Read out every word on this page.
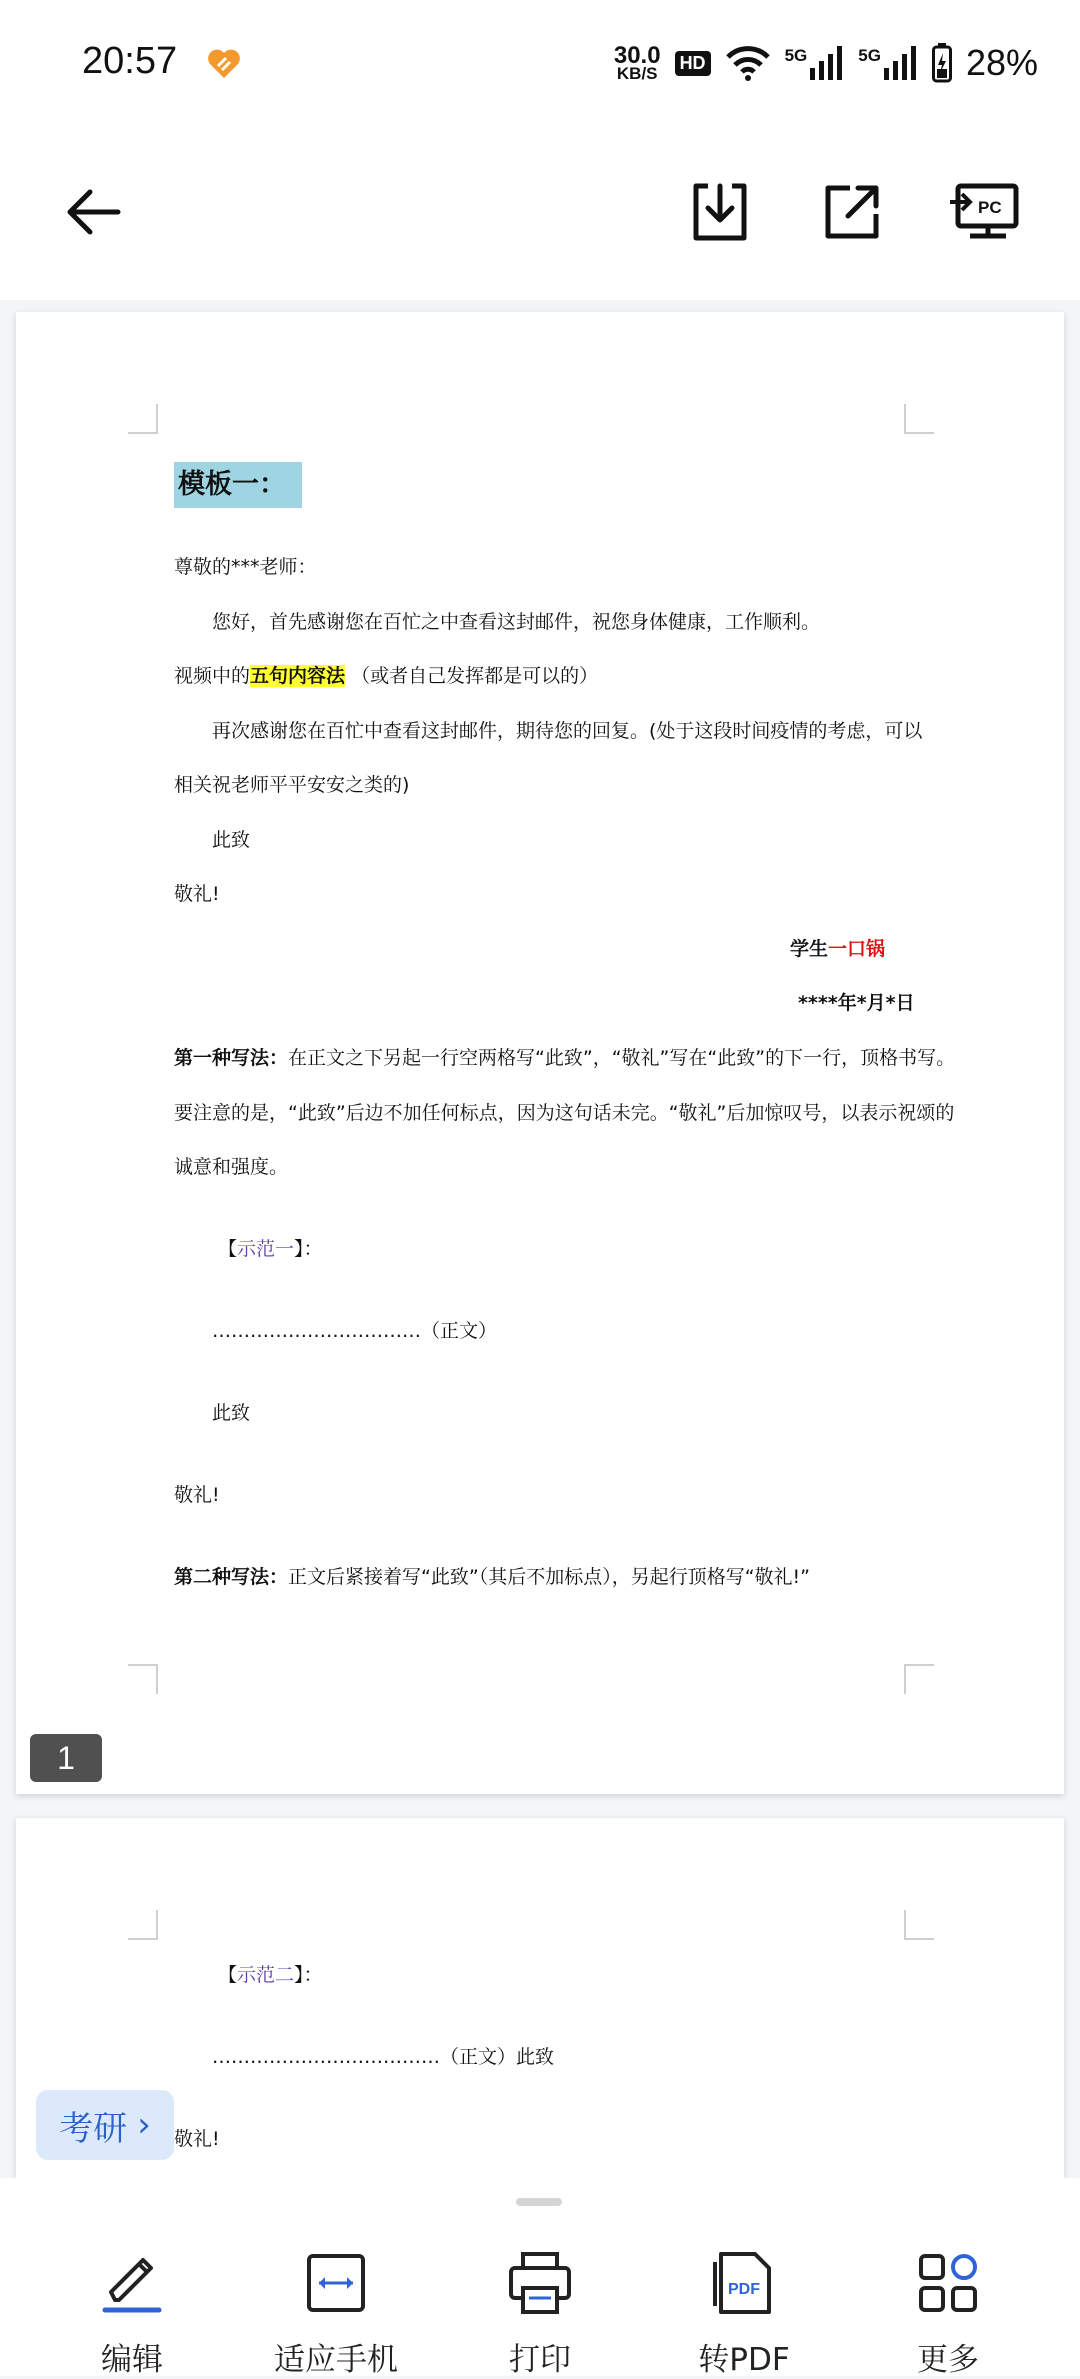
20:57	30.0
KB/S
HD	5G	5G 28%
PC
模板一：
尊敬的***老师：
您好，首先感谢您在百忙之中查看这封邮件，祝您身体健康，工作顺利。
视频中的五句内容法 （或者自己发挥都是可以的）
再次感谢您在百忙中查看这封邮件，期待您的回复。(处于这段时间疫情的考虑，可以
相关祝老师平平安安之类的)
此致
敬礼!
学生一口锅
****年*月*日
第一种写法：在正文之下另起一行空两格写“此致”，“敬礼”写在“此致”的下一行，顶格书写。
要注意的是，“此致”后边不加任何标点，因为这句话未完。“敬礼”后加惊叹号，以表示祝颂的
诚意和强度。
【示范一】：
……………………………（正文）
此致
敬礼!
第二种写法：正文后紧接着写“此致”（其后不加标点），另起行顶格写“敬礼!”
1
【示范二】：
………………………………（正文）此致
敬礼!
考研 ›
编辑	适应手机	打印
PDF
转PDF	更多
